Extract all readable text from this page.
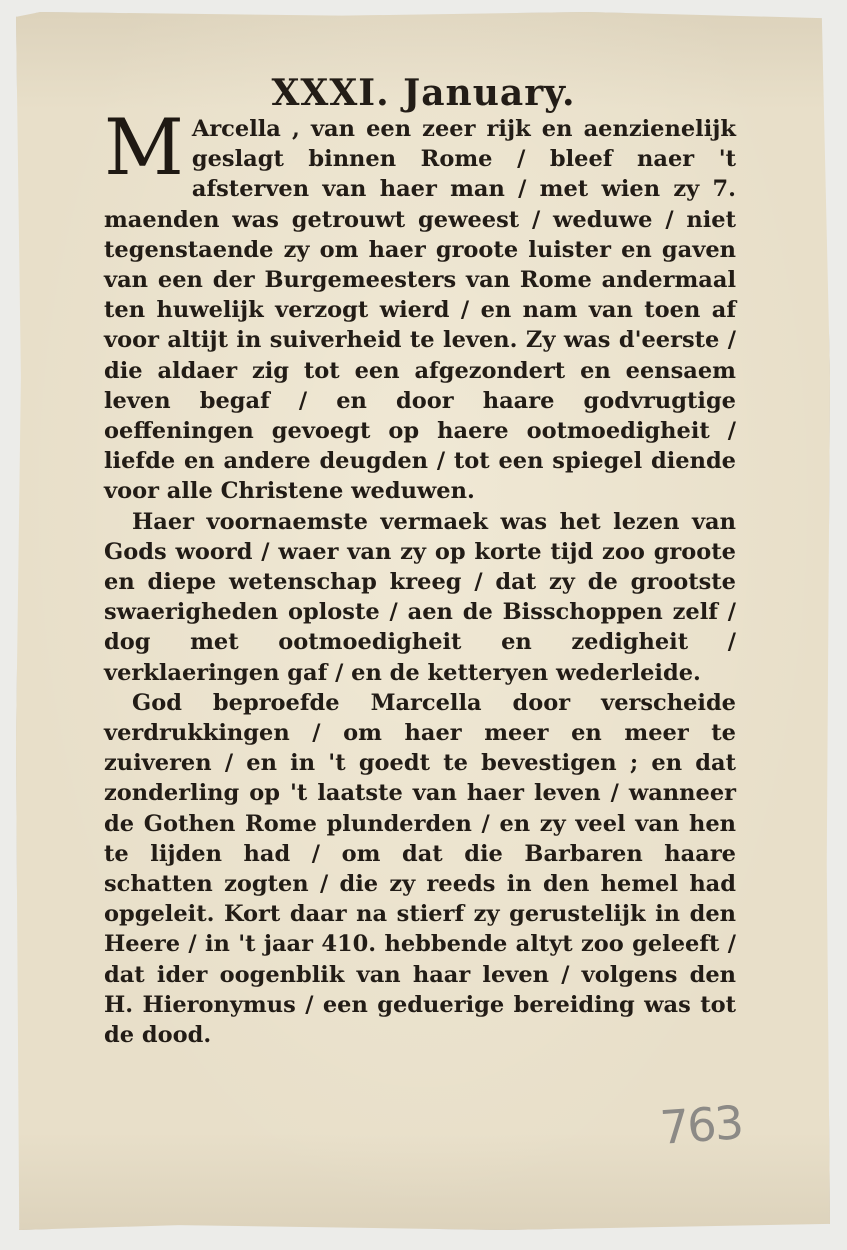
XXXI. January.

M Arcella , van een zeer rijk en aenzienelijk geslagt binnen Rome / bleef naer 't afsterven van haer man / met wien zy 7. maenden was getrouwt geweest / weduwe / niet tegenstaende zy om haer groote luister en gaven van een der Burgemeesters van Rome andermaal ten huwelijk verzogt wierd / en nam van toen af voor altijt in suiverheid te leven. Zy was d'eerste / die aldaer zig tot een afgezondert en eensaem leven begaf / en door haare godvrugtige oeffeningen gevoegt op haere ootmoedigheit / liefde en andere deugden / tot een spiegel diende voor alle Christene weduwen.

Haer voornaemste vermaek was het lezen van Gods woord / waer van zy op korte tijd zoo groote en diepe wetenschap kreeg / dat zy de grootste swaerigheden oploste / aen de Bisschoppen zelf / dog met ootmoedigheit en zedigheit / verklaeringen gaf / en de ketteryen wederleide.

God beproefde Marcella door verscheide verdrukkingen / om haer meer en meer te zuiveren / en in 't goedt te bevestigen ; en dat zonderling op 't laatste van haer leven / wanneer de Gothen Rome plunderden / en zy veel van hen te lijden had / om dat die Barbaren haare schatten zogten / die zy reeds in den hemel had opgeleit. Kort daar na stierf zy gerustelijk in den Heere / in 't jaar 410. hebbende altyt zoo geleeft / dat ider oogenblik van haar leven / volgens den H. Hieronymus / een geduerige bereiding was tot de dood.

763
